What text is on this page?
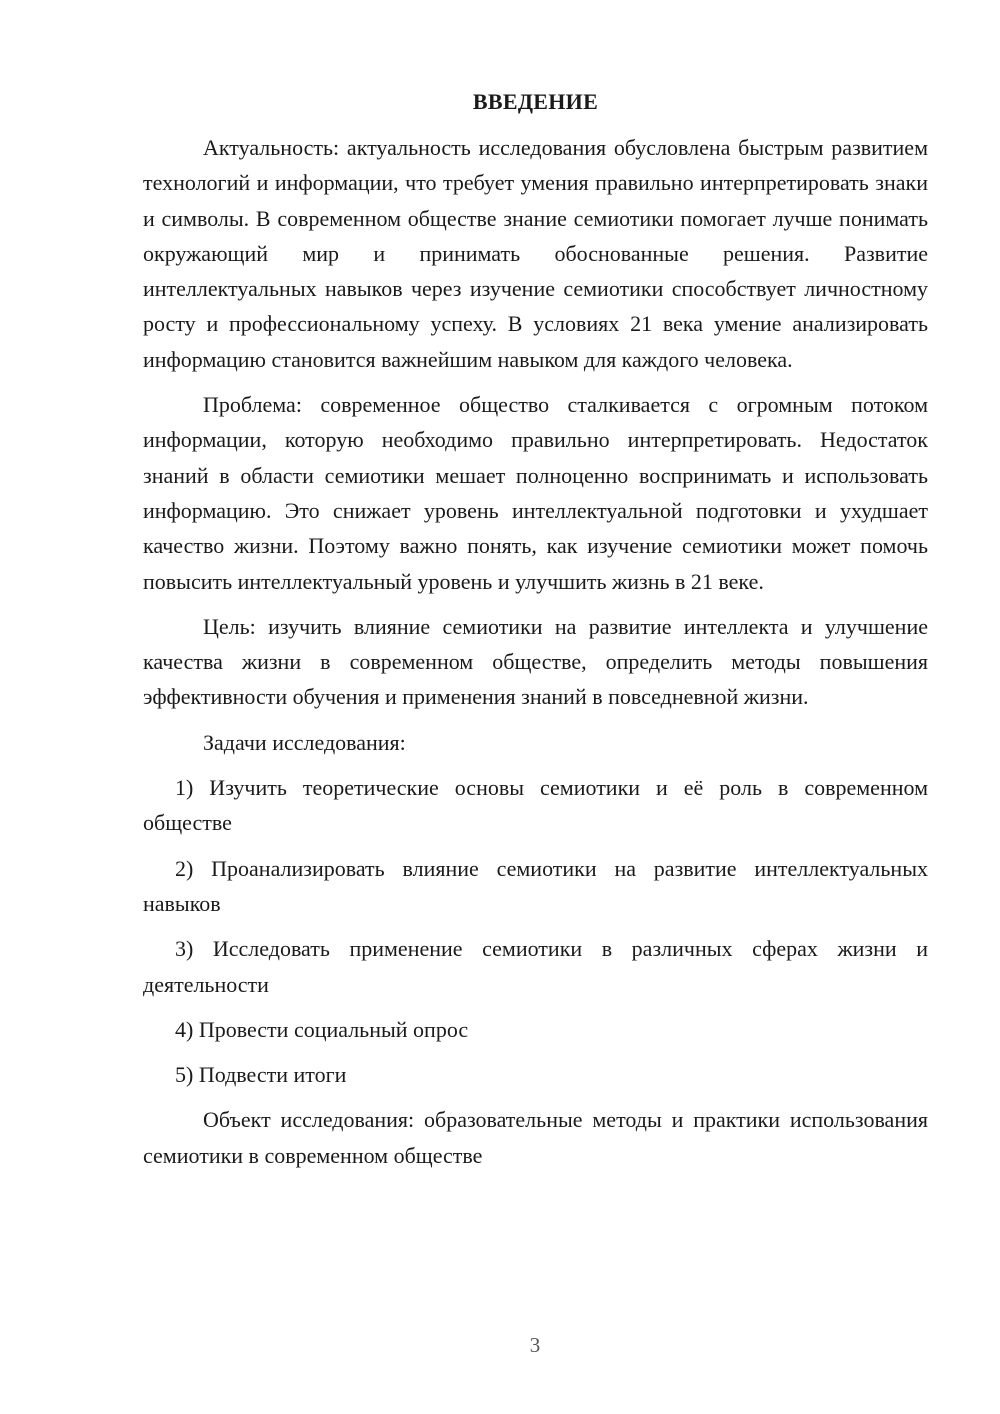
ВВЕДЕНИЕ

Актуальность: актуальность исследования обусловлена быстрым развитием технологий и информации, что требует умения правильно интерпретировать знаки и символы. В современном обществе знание семиотики помогает лучше понимать окружающий мир и принимать обоснованные решения. Развитие интеллектуальных навыков через изучение семиотики способствует личностному росту и профессиональному успеху. В условиях 21 века умение анализировать информацию становится важнейшим навыком для каждого человека.

Проблема: современное общество сталкивается с огромным потоком информации, которую необходимо правильно интерпретировать. Недостаток знаний в области семиотики мешает полноценно воспринимать и использовать информацию. Это снижает уровень интеллектуальной подготовки и ухудшает качество жизни. Поэтому важно понять, как изучение семиотики может помочь повысить интеллектуальный уровень и улучшить жизнь в 21 веке.

Цель: изучить влияние семиотики на развитие интеллекта и улучшение качества жизни в современном обществе, определить методы повышения эффективности обучения и применения знаний в повседневной жизни.

Задачи исследования:

1) Изучить теоретические основы семиотики и её роль в современном обществе

2) Проанализировать влияние семиотики на развитие интеллектуальных навыков

3) Исследовать применение семиотики в различных сферах жизни и деятельности

4) Провести социальный опрос

5) Подвести итоги

Объект исследования: образовательные методы и практики использования семиотики в современном обществе

3
